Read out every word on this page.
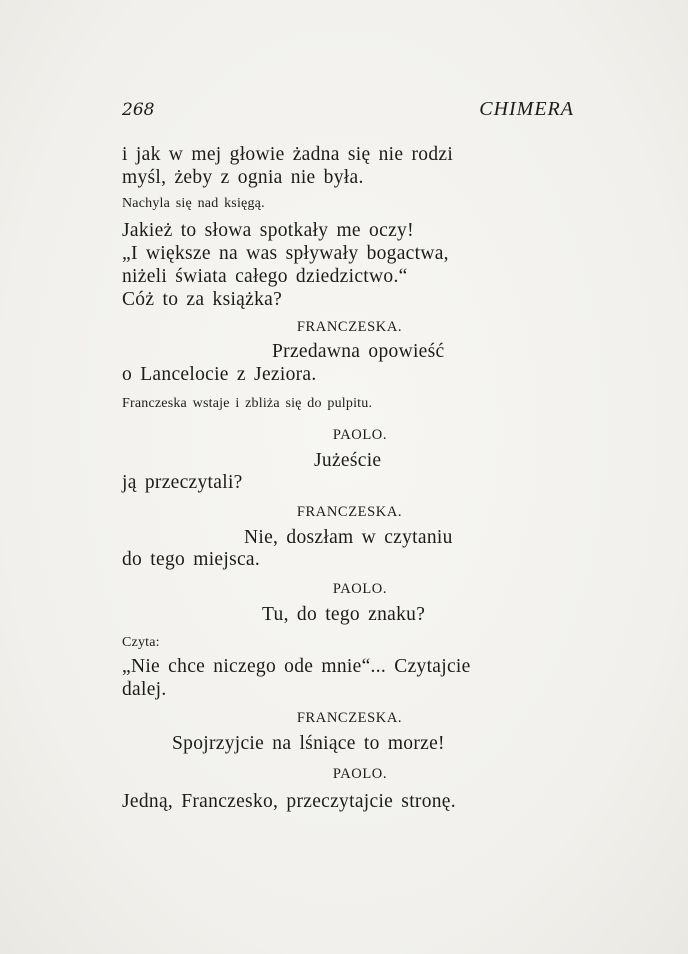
268	CHIMERA
i jak w mej głowie żadna się nie rodzi
myśl, żeby z ognia nie była.
Nachyla się nad księgą.
Jakież to słowa spotkały me oczy!
„I większe na was spływały bogactwa,
niżeli świata całego dziedzictwo.“
Cóż to za książka?
FRANCZESKA.
Przedawna opowieść
o Lancelocie z Jeziora.
Franczeska wstaje i zbliża się do pulpitu.
PAOLO.
Jużeście
ją przeczytali?
FRANCZESKA.
Nie, doszłam w czytaniu
do tego miejsca.
PAOLO.
Tu, do tego znaku?
Czyta:
„Nie chce niczego ode mnie“... Czytajcie
dalej.
FRANCZESKA.
Spojrzyjcie na lśniące to morze!
PAOLO.
Jedną, Franczesko, przeczytajcie stronę.
